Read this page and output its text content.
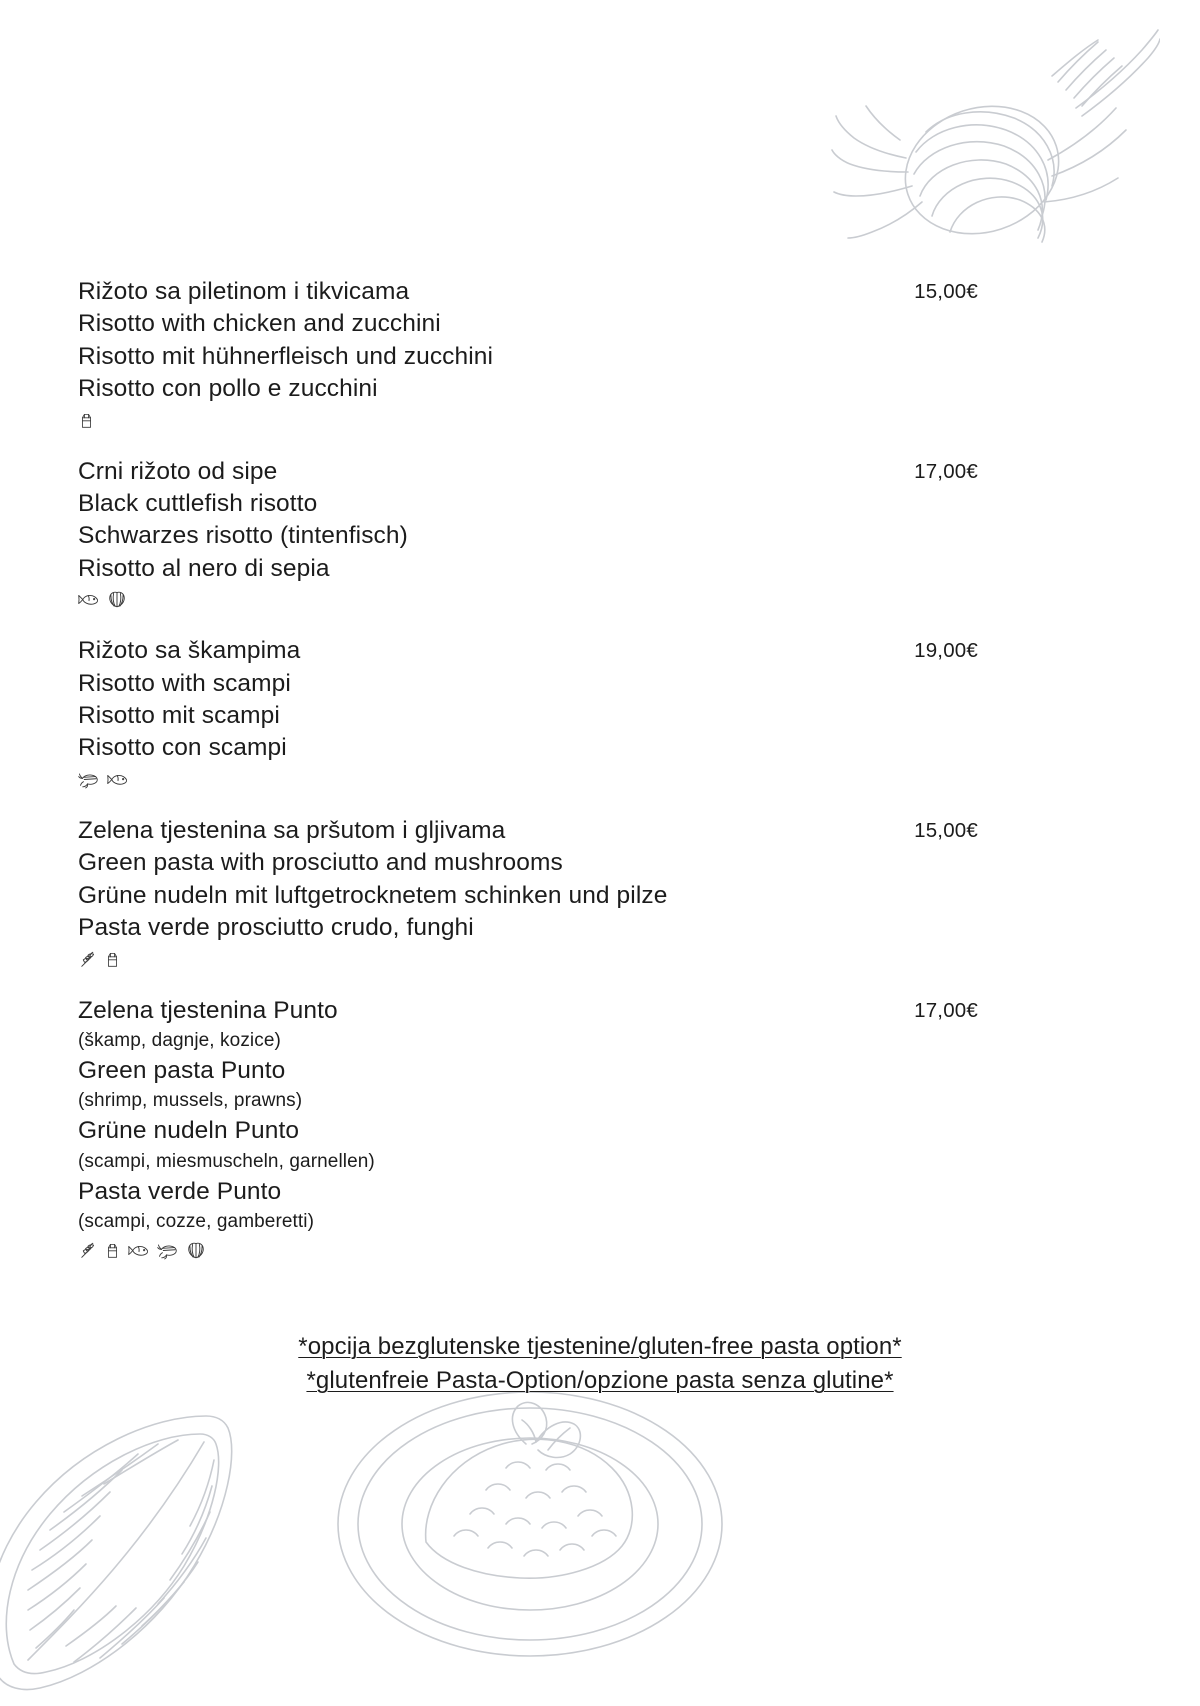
Rižoto sa piletinom i tikvicama
Risotto with chicken and zucchini
Risotto mit hühnerfleisch und zucchini
Risotto con pollo e zucchini
15,00€
Crni rižoto od sipe
Black cuttlefish risotto
Schwarzes risotto (tintenfisch)
Risotto al nero di sepia
17,00€
Rižoto sa škampima
Risotto with scampi
Risotto mit scampi
Risotto con scampi
19,00€
Zelena tjestenina sa pršutom i gljivama
Green pasta with prosciutto and mushrooms
Grüne nudeln mit luftgetrocknetem schinken und pilze
Pasta verde prosciutto crudo, funghi
15,00€
Zelena tjestenina Punto
(škamp, dagnje, kozice)
Green pasta Punto
(shrimp, mussels, prawns)
Grüne nudeln Punto
(scampi, miesmuscheln, garnellen)
Pasta verde Punto
(scampi, cozze, gamberetti)
17,00€
*opcija bezglutenske tjestenine/gluten-free pasta option*
*glutenfreie Pasta-Option/opzione pasta senza glutine*
